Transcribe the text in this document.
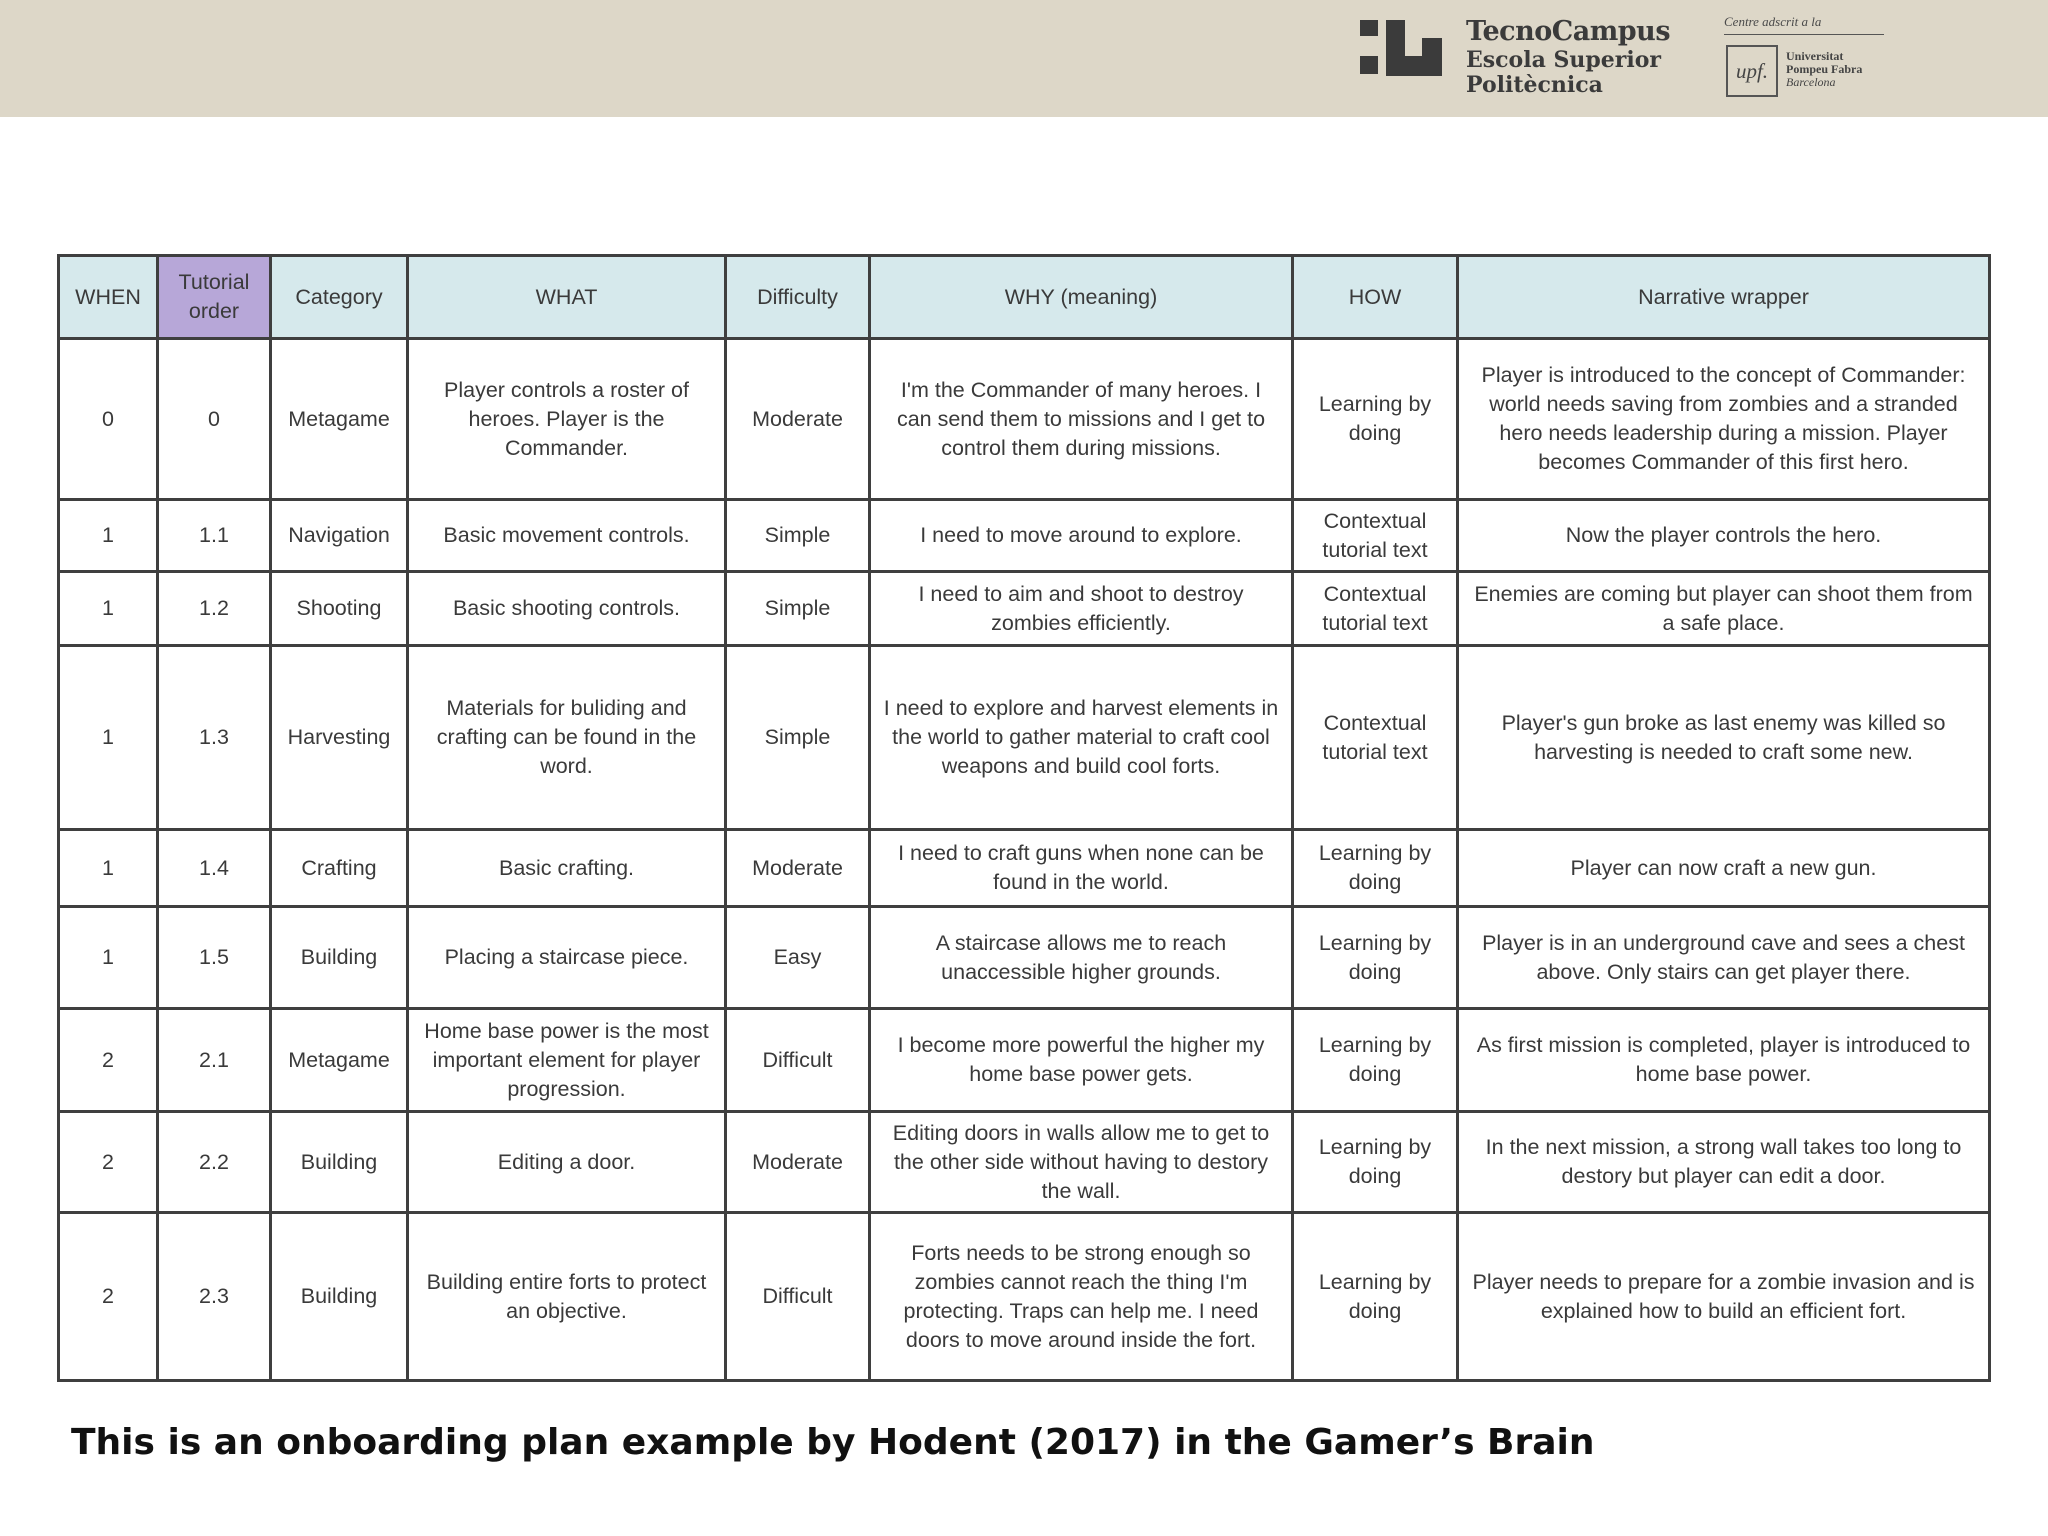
TecnoCampus
Escola Superior
Politècnica
Centre adscrit a la
upf.
Universitat
Pompeu Fabra
Barcelona
WHEN	Tutorial order	Category	WHAT	Difficulty	WHY (meaning)	HOW	Narrative wrapper
0	0	Metagame	Player controls a roster of heroes. Player is the Commander.	Moderate	I'm the Commander of many heroes. I can send them to missions and I get to control them during missions.	Learning by doing	Player is introduced to the concept of Commander: world needs saving from zombies and a stranded hero needs leadership during a mission. Player becomes Commander of this first hero.
1	1.1	Navigation	Basic movement controls.	Simple	I need to move around to explore.	Contextual tutorial text	Now the player controls the hero.
1	1.2	Shooting	Basic shooting controls.	Simple	I need to aim and shoot to destroy zombies efficiently.	Contextual tutorial text	Enemies are coming but player can shoot them from a safe place.
1	1.3	Harvesting	Materials for buliding and crafting can be found in the word.	Simple	I need to explore and harvest elements in the world to gather material to craft cool weapons and build cool forts.	Contextual tutorial text	Player's gun broke as last enemy was killed so harvesting is needed to craft some new.
1	1.4	Crafting	Basic crafting.	Moderate	I need to craft guns when none can be found in the world.	Learning by doing	Player can now craft a new gun.
1	1.5	Building	Placing a staircase piece.	Easy	A staircase allows me to reach unaccessible higher grounds.	Learning by doing	Player is in an underground cave and sees a chest above. Only stairs can get player there.
2	2.1	Metagame	Home base power is the most important element for player progression.	Difficult	I become more powerful the higher my home base power gets.	Learning by doing	As first mission is completed, player is introduced to home base power.
2	2.2	Building	Editing a door.	Moderate	Editing doors in walls allow me to get to the other side without having to destory the wall.	Learning by doing	In the next mission, a strong wall takes too long to destory but player can edit a door.
2	2.3	Building	Building entire forts to protect an objective.	Difficult	Forts needs to be strong enough so zombies cannot reach the thing I'm protecting. Traps can help me. I need doors to move around inside the fort.	Learning by doing	Player needs to prepare for a zombie invasion and is explained how to build an efficient fort.
This is an onboarding plan example by Hodent (2017) in the Gamer’s Brain
